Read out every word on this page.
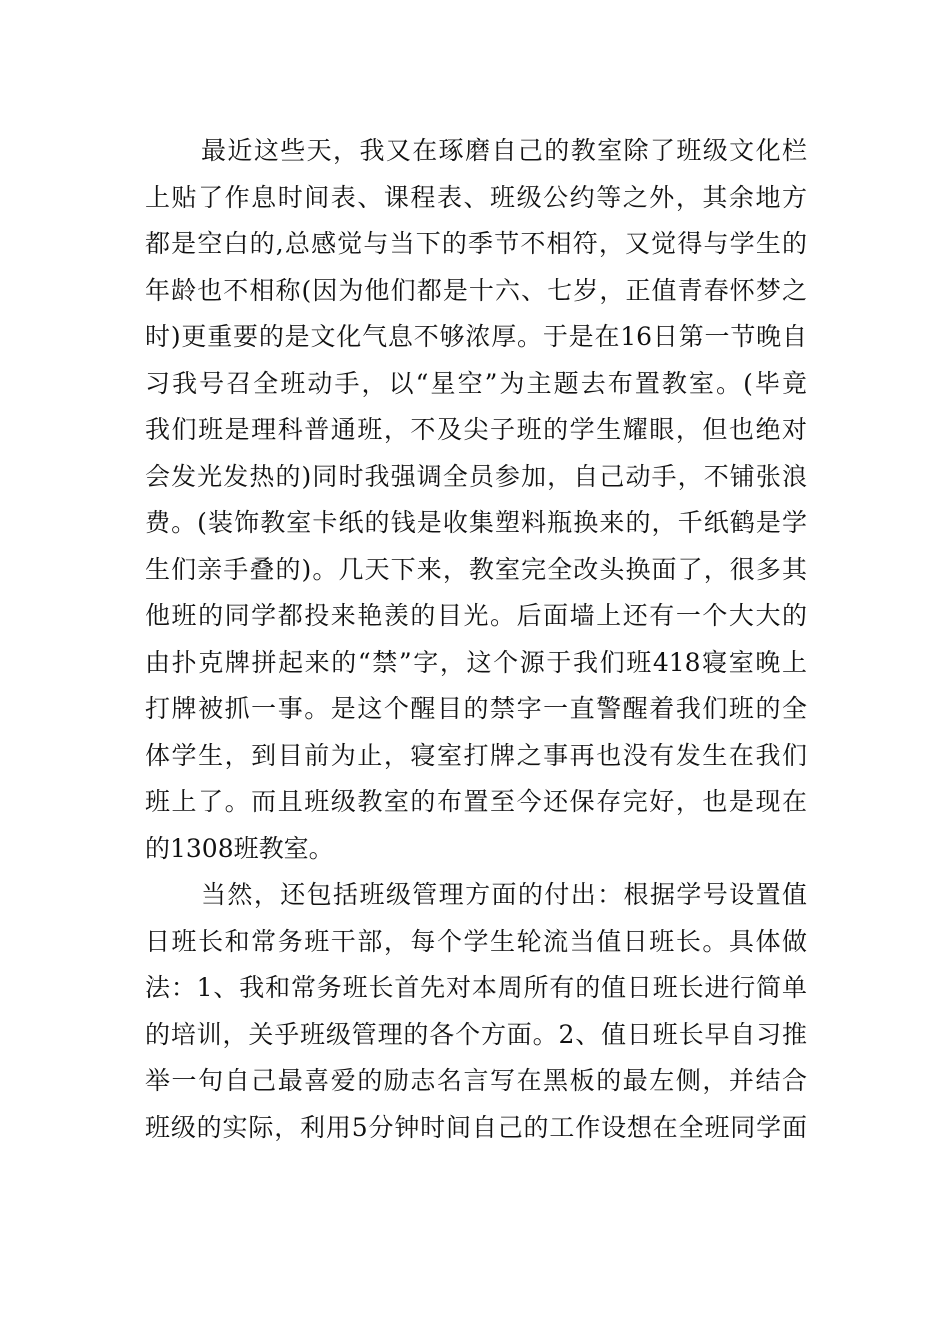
最近这些天，我又在琢磨自己的教室除了班级文化栏
上贴了作息时间表、课程表、班级公约等之外，其余地方
都是空白的,总感觉与当下的季节不相符，又觉得与学生的
年龄也不相称(因为他们都是十六、七岁，正值青春怀梦之
时)更重要的是文化气息不够浓厚。于是在16日第一节晚自
习我号召全班动手，以“星空”为主题去布置教室。(毕竟
我们班是理科普通班，不及尖子班的学生耀眼，但也绝对
会发光发热的)同时我强调全员参加，自己动手，不铺张浪
费。(装饰教室卡纸的钱是收集塑料瓶换来的，千纸鹤是学
生们亲手叠的)。几天下来，教室完全改头换面了，很多其
他班的同学都投来艳羡的目光。后面墙上还有一个大大的
由扑克牌拼起来的“禁”字，这个源于我们班418寝室晚上
打牌被抓一事。是这个醒目的禁字一直警醒着我们班的全
体学生，到目前为止，寝室打牌之事再也没有发生在我们
班上了。而且班级教室的布置至今还保存完好，也是现在
的1308班教室。
当然，还包括班级管理方面的付出：根据学号设置值
日班长和常务班干部，每个学生轮流当值日班长。具体做
法：1、我和常务班长首先对本周所有的值日班长进行简单
的培训，关乎班级管理的各个方面。2、值日班长早自习推
举一句自己最喜爱的励志名言写在黑板的最左侧，并结合
班级的实际，利用5分钟时间自己的工作设想在全班同学面
